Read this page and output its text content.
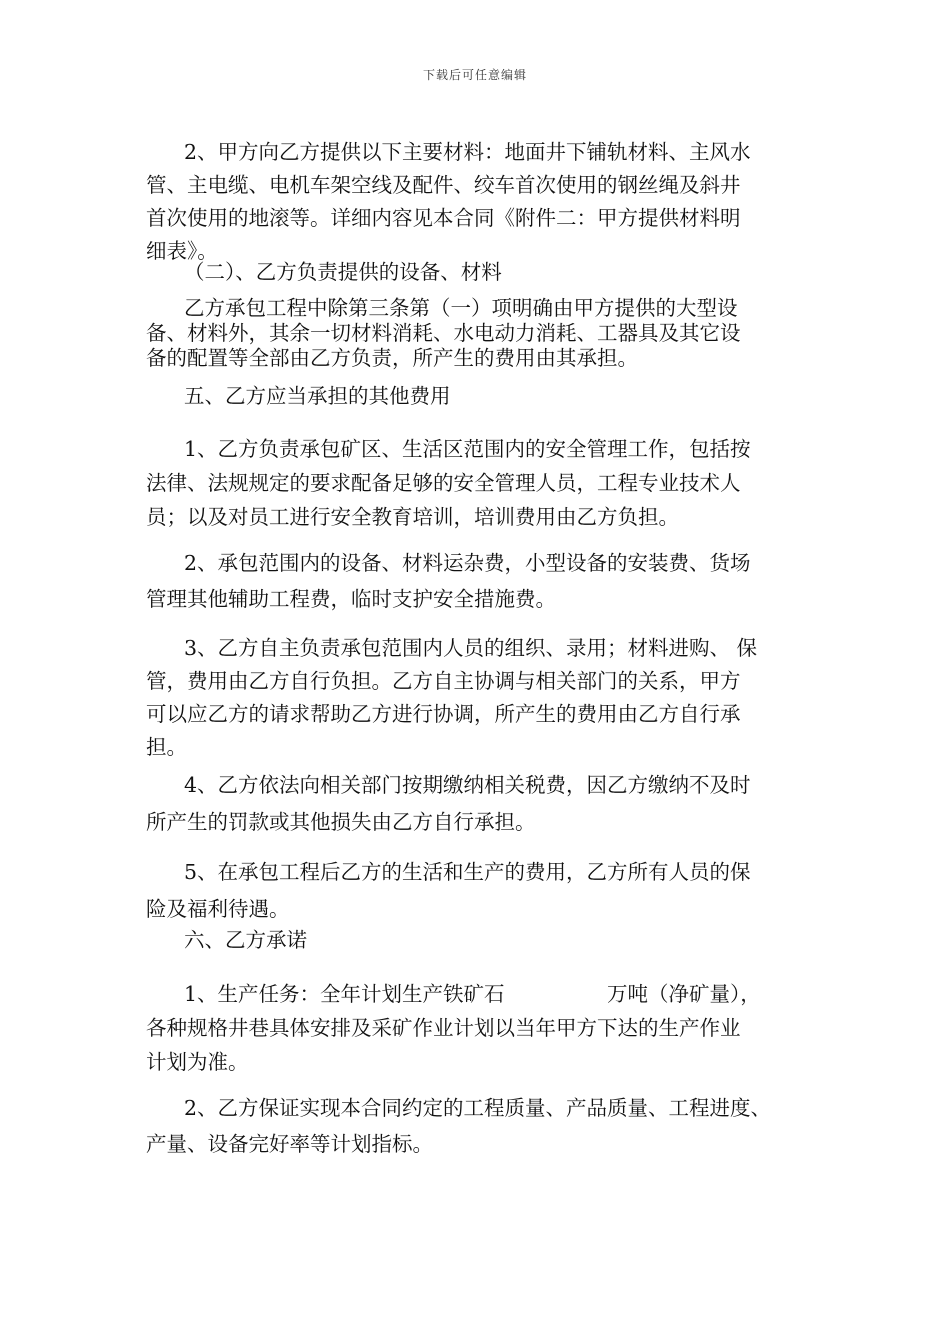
下载后可任意编辑
2、甲方向乙方提供以下主要材料：地面井下铺轨材料、主风水
管、主电缆、电机车架空线及配件、绞车首次使用的钢丝绳及斜井
首次使用的地滚等。详细内容见本合同《附件二：甲方提供材料明
细表》。
（二）、乙方负责提供的设备、材料
乙方承包工程中除第三条第（一）项明确由甲方提供的大型设
备、材料外，其余一切材料消耗、水电动力消耗、工器具及其它设
备的配置等全部由乙方负责，所产生的费用由其承担。
五、乙方应当承担的其他费用
1、乙方负责承包矿区、生活区范围内的安全管理工作，包括按
法律、法规规定的要求配备足够的安全管理人员，工程专业技术人
员；以及对员工进行安全教育培训，培训费用由乙方负担。
2、承包范围内的设备、材料运杂费，小型设备的安装费、货场
管理其他辅助工程费，临时支护安全措施费。
3、乙方自主负责承包范围内人员的组织、录用；材料进购、 保
管，费用由乙方自行负担。乙方自主协调与相关部门的关系，甲方
可以应乙方的请求帮助乙方进行协调，所产生的费用由乙方自行承
担。
4、乙方依法向相关部门按期缴纳相关税费，因乙方缴纳不及时
所产生的罚款或其他损失由乙方自行承担。
5、在承包工程后乙方的生活和生产的费用，乙方所有人员的保
险及福利待遇。
六、乙方承诺
1、生产任务：全年计划生产铁矿石　　　　　万吨（净矿量），
各种规格井巷具体安排及采矿作业计划以当年甲方下达的生产作业
计划为准。
2、乙方保证实现本合同约定的工程质量、产品质量、工程进度、
产量、设备完好率等计划指标。
